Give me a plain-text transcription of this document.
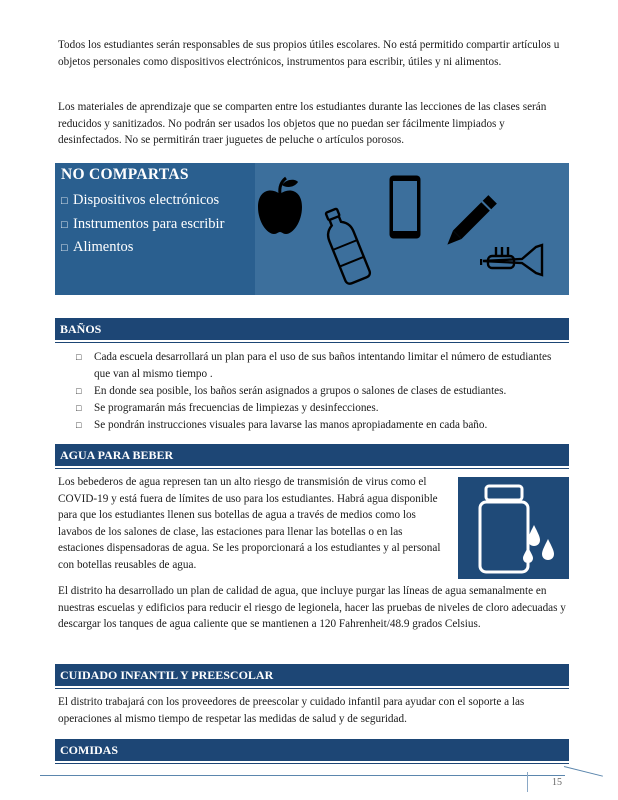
Todos los estudiantes serán responsables de sus propios útiles escolares. No está permitido compartir artículos u objetos personales como dispositivos electrónicos, instrumentos para escribir, útiles y ni alimentos.

Los materiales de aprendizaje que se comparten entre los estudiantes durante las lecciones de las clases serán reducidos y sanitizados. No podrán ser usados los objetos que no puedan ser fácilmente limpiados y desinfectados. No se permitirán traer juguetes de peluche o artículos porosos.

NO COMPARTAS
□ Dispositivos electrónicos
□ Instrumentos para escribir
□ Alimentos
BAÑOS
□	Cada escuela desarrollará un plan para el uso de sus baños intentando limitar el número de estudiantes que van al mismo tiempo .
□	En donde sea posible, los baños serán asignados a grupos o salones de clases de estudiantes.
□	Se programarán más frecuencias de limpiezas y desinfecciones.
□	Se pondrán instrucciones visuales para lavarse las manos apropiadamente en cada baño.
AGUA PARA BEBER

Los bebederos de agua represen tan un alto riesgo de transmisión de virus como el COVID-19 y está fuera de límites de uso para los estudiantes. Habrá agua disponible para que los estudiantes llenen sus botellas de agua a través de medios como los lavabos de los salones de clase, las estaciones para llenar las botellas o en las estaciones dispensadoras de agua. Se les proporcionará a los estudiantes y al personal con botellas reusables de agua.

El distrito ha desarrollado un plan de calidad de agua, que incluye purgar las líneas de agua semanalmente en nuestras escuelas y edificios para reducir el riesgo de legionela, hacer las pruebas de niveles de cloro adecuadas y descargar los tanques de agua caliente que se mantienen a 120 Fahrenheit/48.9 grados Celsius.

CUIDADO INFANTIL Y PREESCOLAR

El distrito trabajará con los proveedores de preescolar y cuidado infantil para ayudar con el soporte a las operaciones al mismo tiempo de respetar las medidas de salud y de seguridad.

COMIDAS
15
